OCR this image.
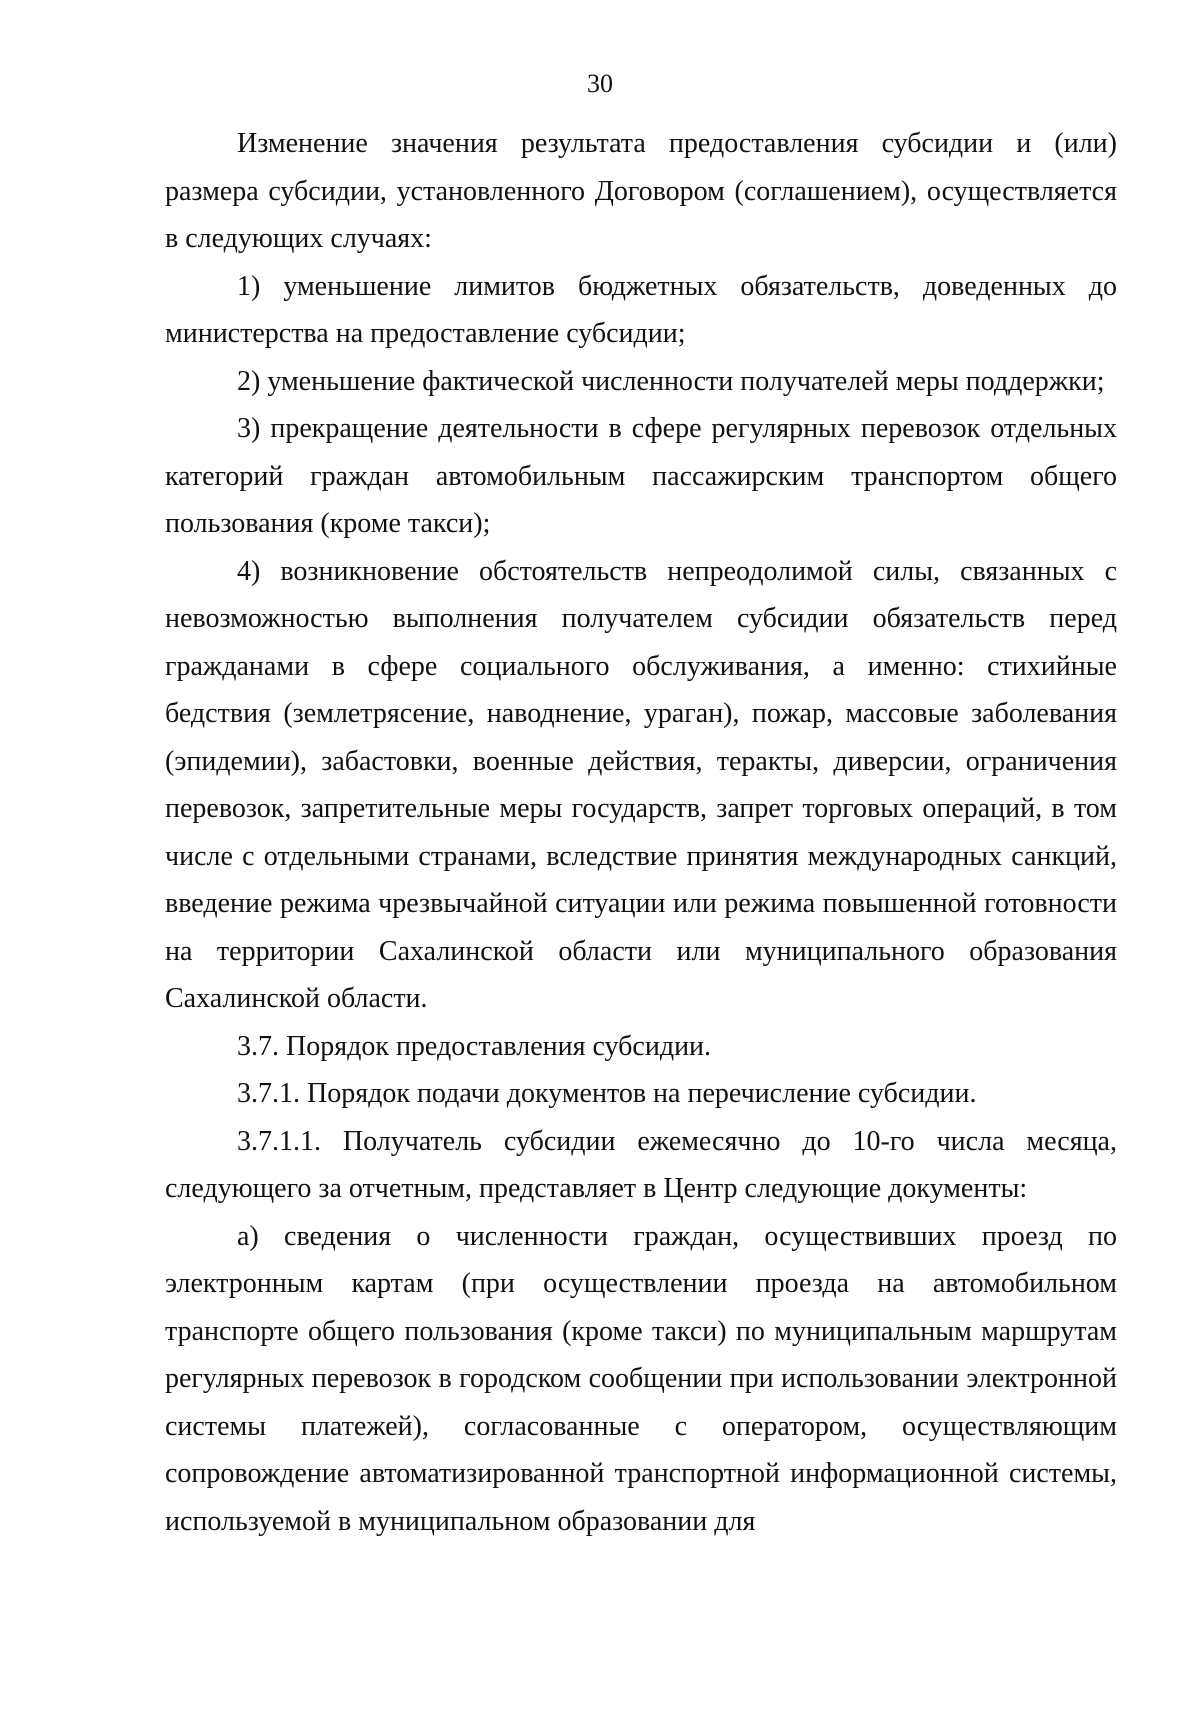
30

Изменение значения результата предоставления субсидии и (или) размера субсидии, установленного Договором (соглашением), осуществляется в следующих случаях:

1) уменьшение лимитов бюджетных обязательств, доведенных до министерства на предоставление субсидии;

2) уменьшение фактической численности получателей меры поддержки;

3) прекращение деятельности в сфере регулярных перевозок отдельных категорий граждан автомобильным пассажирским транспортом общего пользования (кроме такси);

4) возникновение обстоятельств непреодолимой силы, связанных с невозможностью выполнения получателем субсидии обязательств перед гражданами в сфере социального обслуживания, а именно: стихийные бедствия (землетрясение, наводнение, ураган), пожар, массовые заболевания (эпидемии), забастовки, военные действия, теракты, диверсии, ограничения перевозок, запретительные меры государств, запрет торговых операций, в том числе с отдельными странами, вследствие принятия международных санкций, введение режима чрезвычайной ситуации или режима повышенной готовности на территории Сахалинской области или муниципального образования Сахалинской области.

3.7. Порядок предоставления субсидии.

3.7.1. Порядок подачи документов на перечисление субсидии.

3.7.1.1. Получатель субсидии ежемесячно до 10-го числа месяца, следующего за отчетным, представляет в Центр следующие документы:

а) сведения о численности граждан, осуществивших проезд по электронным картам (при осуществлении проезда на автомобильном транспорте общего пользования (кроме такси) по муниципальным маршрутам регулярных перевозок в городском сообщении при использовании электронной системы платежей), согласованные с оператором, осуществляющим сопровождение автоматизированной транспортной информационной системы, используемой в муниципальном образовании для
